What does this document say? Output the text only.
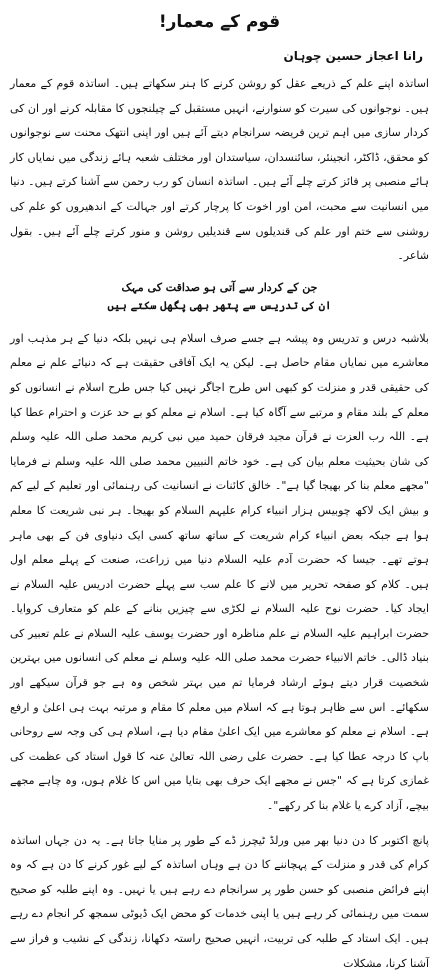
قوم کے معمار!
رانا اعجاز حسین چوہان

اساتذہ اپنے علم کے ذریعے عقل کو روشن کرنے کا ہنر سکھاتے ہیں۔ اساتذہ قوم کے معمار ہیں۔ نوجوانوں کی سیرت کو سنوارنے، انہیں مستقبل کے چیلنجوں کا مقابلہ کرنے اور ان کی کردار سازی میں اہم ترین فریضہ سرانجام دیتے آئے ہیں اور اپنی انتھک محنت سے نوجوانوں کو محقق، ڈاکٹر، انجینئر، سائنسدان، سیاستدان اور مختلف شعبہ ہائے زندگی میں نمایاں کار ہائے منصبی پر فائز کرتے چلے آئے ہیں۔ اساتذہ انسان کو رب رحمن سے آشنا کرتے ہیں۔ دنیا میں انسانیت سے محبت، امن اور اخوت کا پرچار کرتے اور جہالت کے اندھیروں کو علم کی روشنی سے ختم اور علم کی قندیلوں سے قندیلیں روشن و منور کرتے چلے آئے ہیں۔ بقول شاعر۔

جن کے کردار سے آتی ہو صداقت کی مہک
ان کی تدریس سے پتھر بھی پگھل سکتے ہیں

بلاشبہ درس و تدریس وہ پیشہ ہے جسے صرف اسلام ہی نہیں بلکہ دنیا کے ہر مذہب اور معاشرے میں نمایاں مقام حاصل ہے۔ لیکن یہ ایک آفاقی حقیقت ہے کہ دنیائے علم نے معلم کی حقیقی قدر و منزلت کو کبھی اس طرح اجاگر نہیں کیا جس طرح اسلام نے انسانوں کو معلم کے بلند مقام و مرتبے سے آگاہ کیا ہے۔ اسلام نے معلم کو بے حد عزت و احترام عطا کیا ہے۔ اللہ رب العزت نے قرآن مجید فرقان حمید میں نبی کریم محمد صلی اللہ علیہ وسلم کی شان بحیثیت معلم بیان کی ہے۔ خود خاتم النبیین محمد صلی اللہ علیہ وسلم نے فرمایا "مجھے معلم بنا کر بھیجا گیا ہے"۔ خالق کائنات نے انسانیت کی رہنمائی اور تعلیم کے لیے کم و بیش ایک لاکھ چوبیس ہزار انبیاء کرام علیہم السلام کو بھیجا۔ ہر نبی شریعت کا معلم ہوا ہے جبکہ بعض انبیاء کرام شریعت کے ساتھ ساتھ کسی ایک دنیاوی فن کے بھی ماہر ہوتے تھے۔ جیسا کہ حضرت آدم علیہ السلام دنیا میں زراعت، صنعت کے پہلے معلم اول ہیں۔ کلام کو صفحہ تحریر میں لانے کا علم سب سے پہلے حضرت ادریس علیہ السلام نے ایجاد کیا۔ حضرت نوح علیہ السلام نے لکڑی سے چیزیں بنانے کے علم کو متعارف کروایا۔ حضرت ابراہیم علیہ السلام نے علم مناظرہ اور حضرت یوسف علیہ السلام نے علم تعبیر کی بنیاد ڈالی۔ خاتم الانبیاء حضرت محمد صلی اللہ علیہ وسلم نے معلم کی انسانوں میں بہترین شخصیت قرار دیتے ہوئے ارشاد فرمایا تم میں بہتر شخص وہ ہے جو قرآن سیکھے اور سکھائے۔ اس سے ظاہر ہوتا ہے کہ اسلام میں معلم کا مقام و مرتبہ بہت ہی اعلیٰ و ارفع ہے۔ اسلام نے معلم کو معاشرے میں ایک اعلیٰ مقام دیا ہے، اسلام ہی کی وجہ سے روحانی باپ کا درجہ عطا کیا ہے۔ حضرت علی رضی اللہ تعالیٰ عنہ کا قول استاد کی عظمت کی غمازی کرتا ہے کہ "جس نے مجھے ایک حرف بھی بتایا میں اس کا غلام ہوں، وہ چاہے مجھے بیچے، آزاد کرے یا غلام بنا کر رکھے"۔

پانچ اکتوبر کا دن دنیا بھر میں ورلڈ ٹیچرز ڈے کے طور پر منایا جاتا ہے۔ یہ دن جہاں اساتذہ کرام کی قدر و منزلت کے پہچاننے کا دن ہے وہاں اساتذہ کے لیے غور کرنے کا دن ہے کہ وہ اپنے فرائض منصبی کو حسن طور پر سرانجام دے رہے ہیں یا نہیں۔ وہ اپنے طلبہ کو صحیح سمت میں رہنمائی کر رہے ہیں یا اپنی خدمات کو محض ایک ڈیوٹی سمجھ کر انجام دے رہے ہیں۔ ایک استاد کے طلبہ کی تربیت، انہیں صحیح راستہ دکھانا، زندگی کے نشیب و فراز سے آشنا کرنا، مشکلات
